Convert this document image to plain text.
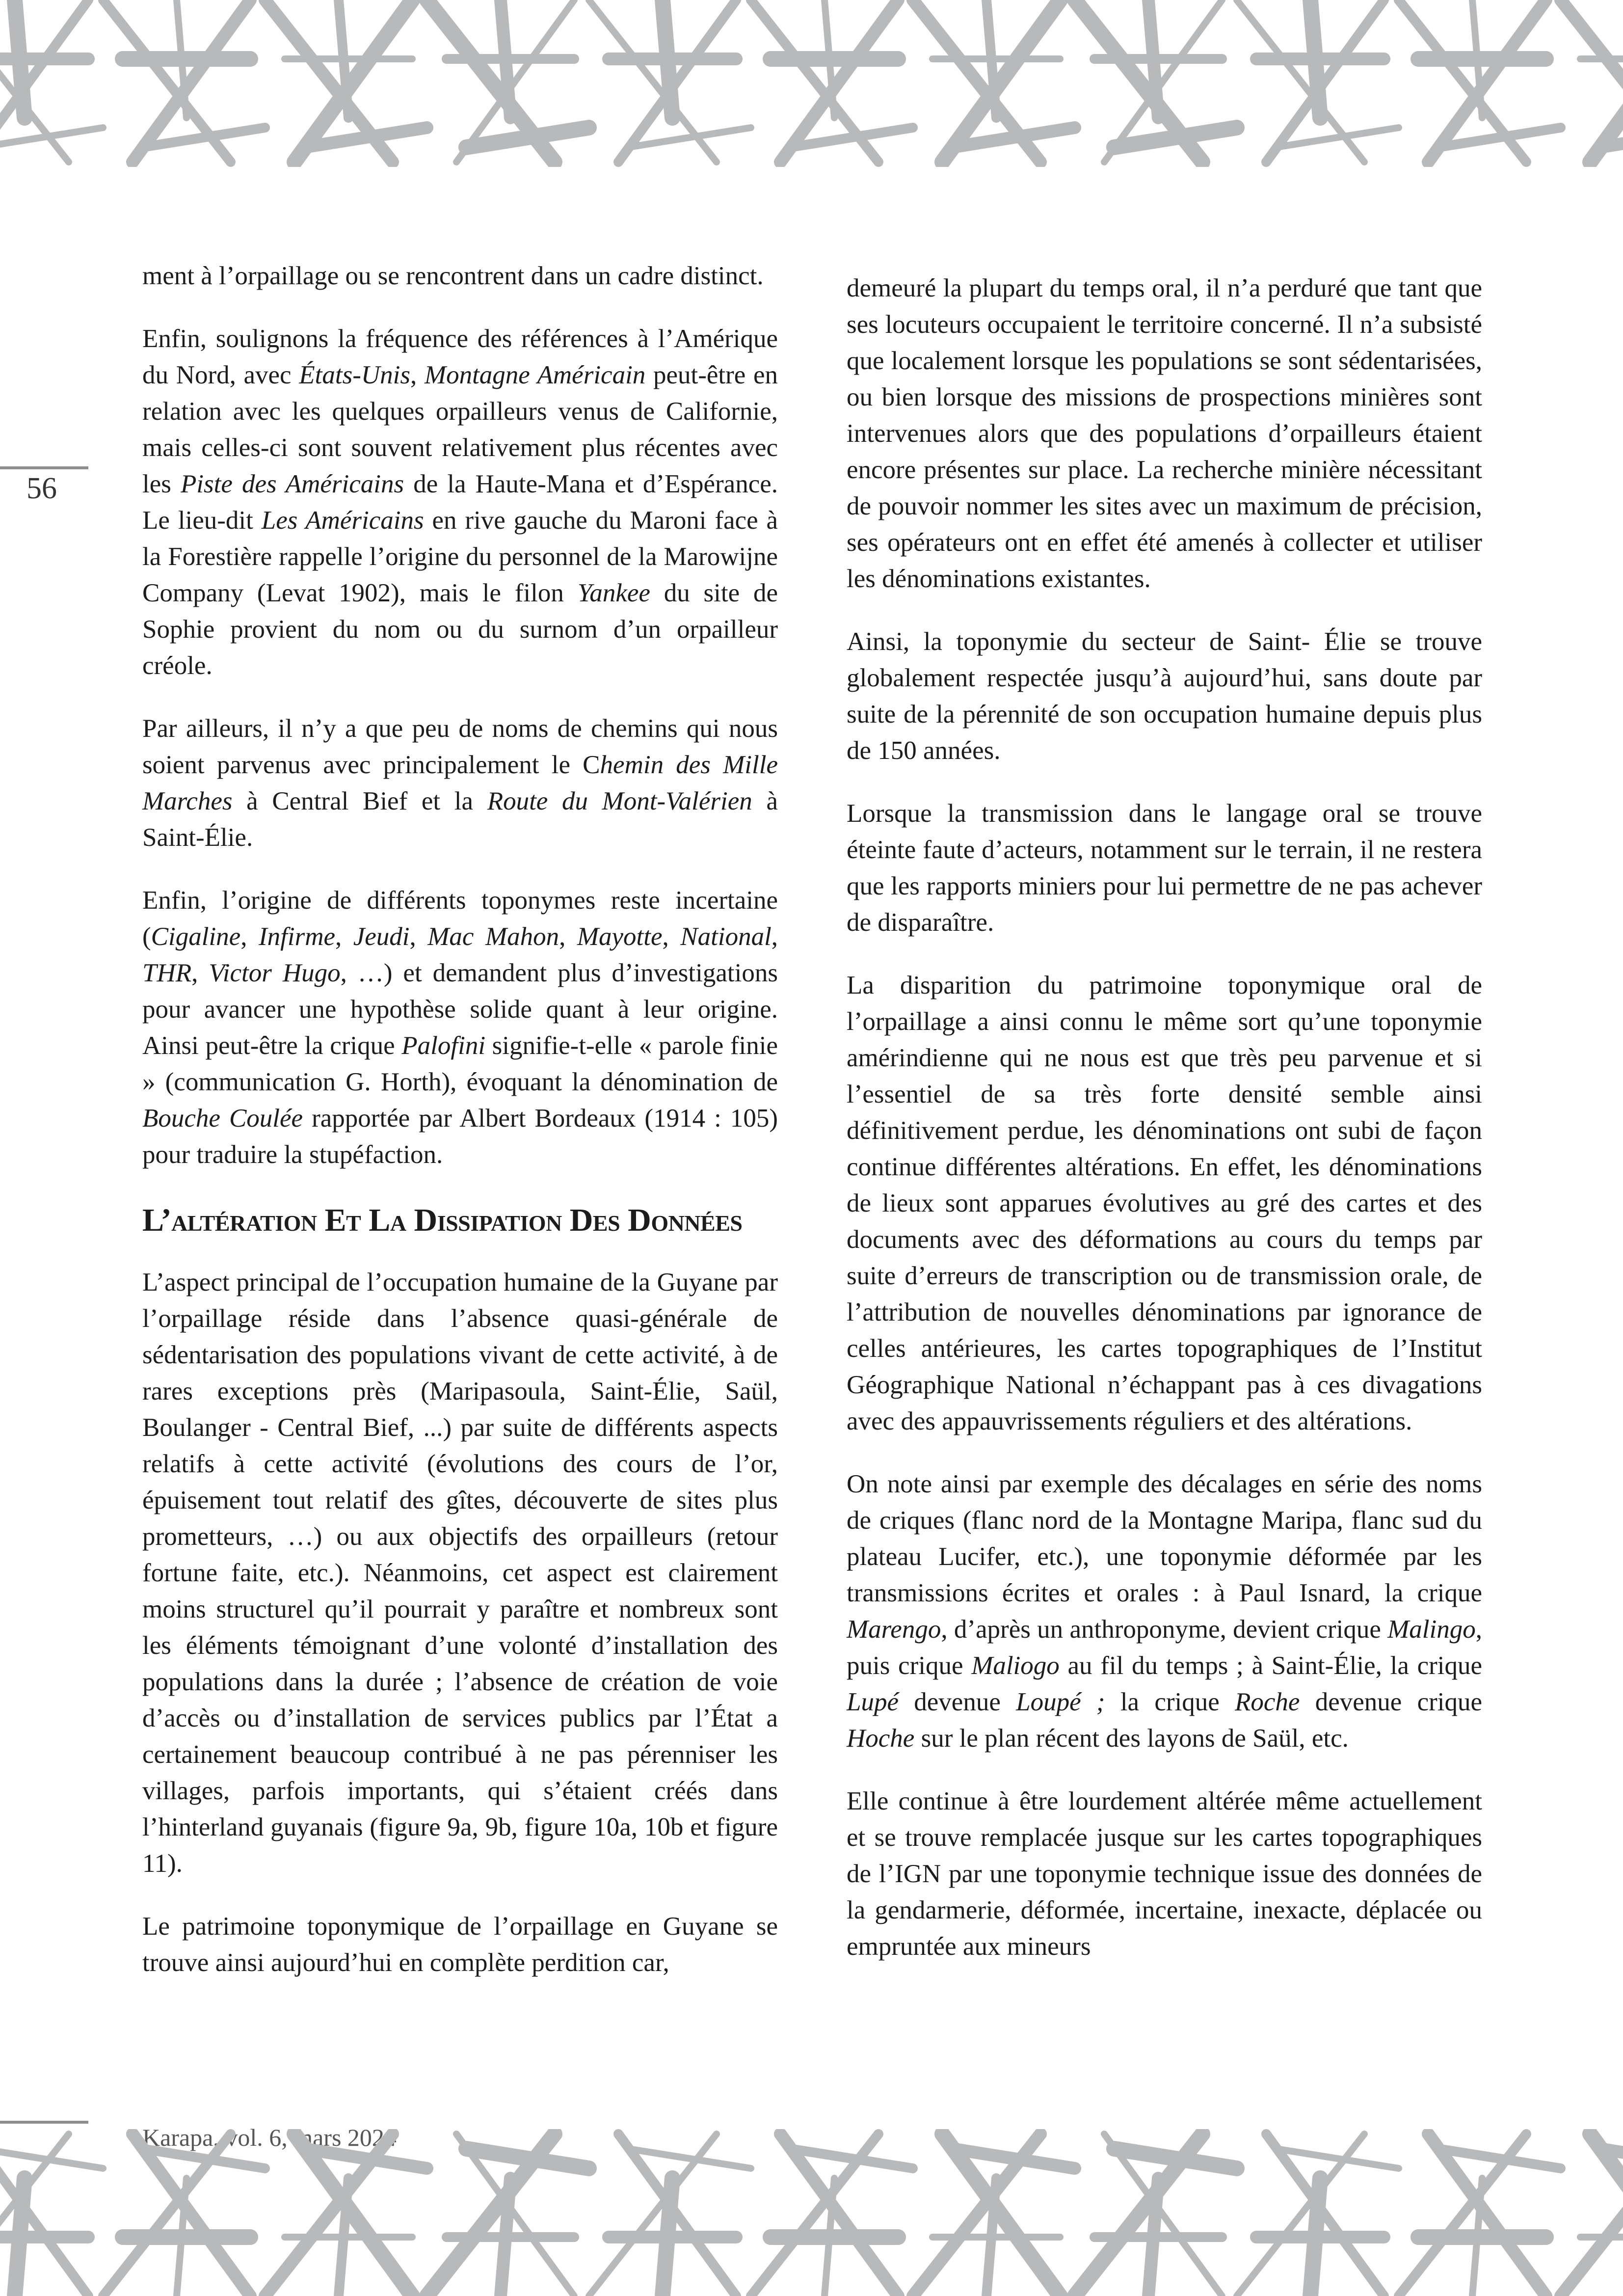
56

ment à l’orpaillage ou se rencontrent dans un cadre distinct.

Enfin, soulignons la fréquence des références à l’Amérique du Nord, avec États-Unis, Montagne Américain peut-être en relation avec les quelques orpailleurs venus de Californie, mais celles-ci sont souvent relativement plus récentes avec les Piste des Américains de la Haute-Mana et d’Espérance. Le lieu-dit Les Américains en rive gauche du Maroni face à la Forestière rappelle l’origine du personnel de la Marowijne Company (Levat 1902), mais le filon Yankee du site de Sophie provient du nom ou du surnom d’un orpailleur créole.

Par ailleurs, il n’y a que peu de noms de chemins qui nous soient parvenus avec principalement le Chemin des Mille Marches à Central Bief et la Route du Mont-Valérien à Saint-Élie.

Enfin, l’origine de différents toponymes reste incertaine (Cigaline, Infirme, Jeudi, Mac Mahon, Mayotte, National, THR, Victor Hugo, …) et demandent plus d’investigations pour avancer une hypothèse solide quant à leur origine. Ainsi peut-être la crique Palofini signifie-t-elle « parole finie » (communication G. Horth), évoquant la dénomination de Bouche Coulée rapportée par Albert Bordeaux (1914 : 105) pour traduire la stupéfaction.

L’altération Et La Dissipation Des Données

L’aspect principal de l’occupation humaine de la Guyane par l’orpaillage réside dans l’absence quasi-générale de sédentarisation des populations vivant de cette activité, à de rares exceptions près (Maripasoula, Saint-Élie, Saül, Boulanger - Central Bief, ...) par suite de différents aspects relatifs à cette activité (évolutions des cours de l’or, épuisement tout relatif des gîtes, découverte de sites plus prometteurs, …) ou aux objectifs des orpailleurs (retour fortune faite, etc.). Néanmoins, cet aspect est clairement moins structurel qu’il pourrait y paraître et nombreux sont les éléments témoignant d’une volonté d’installation des populations dans la durée ; l’absence de création de voie d’accès ou d’installation de services publics par l’État a certainement beaucoup contribué à ne pas pérenniser les villages, parfois importants, qui s’étaient créés dans l’hinterland guyanais (figure 9a, 9b, figure 10a, 10b et figure 11).

Le patrimoine toponymique de l’orpaillage en Guyane se trouve ainsi aujourd’hui en complète perdition car,

demeuré la plupart du temps oral, il n’a perduré que tant que ses locuteurs occupaient le territoire concerné. Il n’a subsisté que localement lorsque les populations se sont sédentarisées, ou bien lorsque des missions de prospections minières sont intervenues alors que des populations d’orpailleurs étaient encore présentes sur place. La recherche minière nécessitant de pouvoir nommer les sites avec un maximum de précision, ses opérateurs ont en effet été amenés à collecter et utiliser les dénominations existantes.

Ainsi, la toponymie du secteur de Saint- Élie se trouve globalement respectée jusqu’à aujourd’hui, sans doute par suite de la pérennité de son occupation humaine depuis plus de 150 années.

Lorsque la transmission dans le langage oral se trouve éteinte faute d’acteurs, notamment sur le terrain, il ne restera que les rapports miniers pour lui permettre de ne pas achever de disparaître.

La disparition du patrimoine toponymique oral de l’orpaillage a ainsi connu le même sort qu’une toponymie amérindienne qui ne nous est que très peu parvenue et si l’essentiel de sa très forte densité semble ainsi définitivement perdue, les dénominations ont subi de façon continue différentes altérations. En effet, les dénominations de lieux sont apparues évolutives au gré des cartes et des documents avec des déformations au cours du temps par suite d’erreurs de transcription ou de transmission orale, de l’attribution de nouvelles dénominations par ignorance de celles antérieures, les cartes topographiques de l’Institut Géographique National n’échappant pas à ces divagations avec des appauvrissements réguliers et des altérations.

On note ainsi par exemple des décalages en série des noms de criques (flanc nord de la Montagne Maripa, flanc sud du plateau Lucifer, etc.), une toponymie déformée par les transmissions écrites et orales : à Paul Isnard, la crique Marengo, d’après un anthroponyme, devient crique Malingo, puis crique Maliogo au fil du temps ; à Saint-Élie, la crique Lupé devenue Loupé ; la crique Roche devenue crique Hoche sur le plan récent des layons de Saül, etc.

Elle continue à être lourdement altérée même actuellement et se trouve remplacée jusque sur les cartes topographiques de l’IGN par une toponymie technique issue des données de la gendarmerie, déformée, incertaine, inexacte, déplacée ou empruntée aux mineurs

Karapa, vol. 6, mars 2024
